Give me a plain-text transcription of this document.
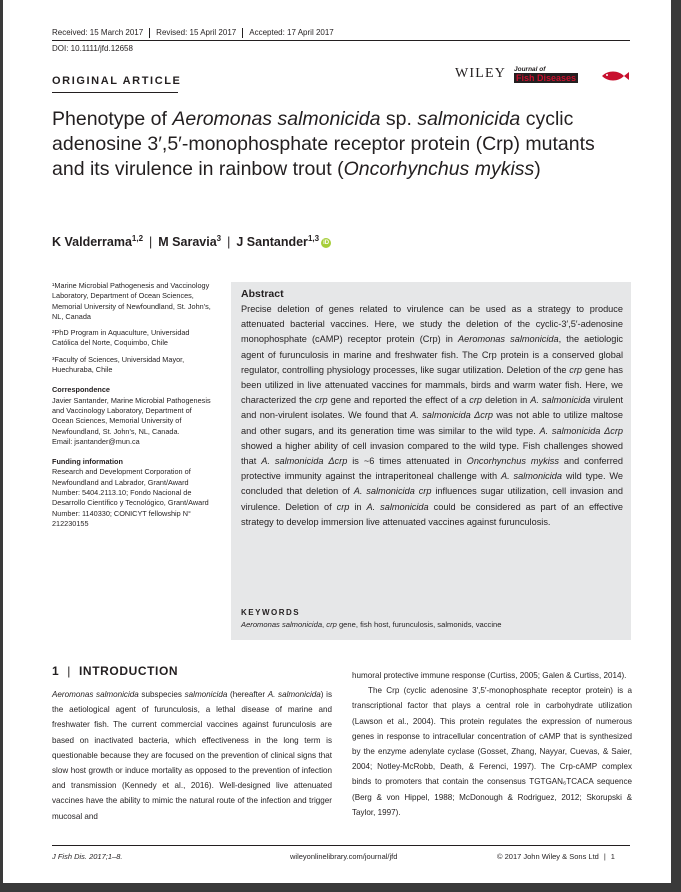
Received: 15 March 2017	Revised: 15 April 2017	Accepted: 17 April 2017
DOI: 10.1111/jfd.12658
ORIGINAL ARTICLE	WILEY Journal of
Fish Diseases
Phenotype of Aeromonas salmonicida sp. salmonicida cyclic adenosine 3′,5′-monophosphate receptor protein (Crp) mutants and its virulence in rainbow trout (Oncorhynchus mykiss)
K Valderrama$^{1,2}$ | M Saravia$^3$ | J Santander$^{1,3}$ iD

¹Marine Microbial Pathogenesis and Vaccinology Laboratory, Department of Ocean Sciences, Memorial University of Newfoundland, St. John's, NL, Canada

²PhD Program in Aquaculture, Universidad Católica del Norte, Coquimbo, Chile

³Faculty of Sciences, Universidad Mayor, Huechuraba, Chile

Correspondence

Javier Santander, Marine Microbial Pathogenesis and Vaccinology Laboratory, Department of Ocean Sciences, Memorial University of Newfoundland, St. John's, NL, Canada.

Email: jsantander@mun.ca

Funding information

Research and Development Corporation of Newfoundland and Labrador, Grant/Award Number: 5404.2113.10; Fondo Nacional de Desarrollo Científico y Tecnológico, Grant/Award Number: 1140330; CONICYT fellowship N° 212230155

Abstract

Precise deletion of genes related to virulence can be used as a strategy to produce attenuated bacterial vaccines. Here, we study the deletion of the cyclic-3′,5′-adenosine monophosphate (cAMP) receptor protein (Crp) in Aeromonas salmonicida, the aetiologic agent of furunculosis in marine and freshwater fish. The Crp protein is a conserved global regulator, controlling physiology processes, like sugar utilization. Deletion of the crp gene has been utilized in live attenuated vaccines for mammals, birds and warm water fish. Here, we characterized the crp gene and reported the effect of a crp deletion in A. salmonicida virulent and non-virulent isolates. We found that A. salmonicida Δcrp was not able to utilize maltose and other sugars, and its generation time was similar to the wild type. A. salmonicida Δcrp showed a higher ability of cell invasion compared to the wild type. Fish challenges showed that A. salmonicida Δcrp is ~6 times attenuated in Oncorhynchus mykiss and conferred protective immunity against the intraperitoneal challenge with A. salmonicida wild type. We concluded that deletion of A. salmonicida crp influences sugar utilization, cell invasion and virulence. Deletion of crp in A. salmonicida could be considered as part of an effective strategy to develop immersion live attenuated vaccines against furunculosis.

KEYWORDS
Aeromonas salmonicida, crp gene, fish host, furunculosis, salmonids, vaccine
1 | INTRODUCTION

Aeromonas salmonicida subspecies salmonicida (hereafter A. salmonicida) is the aetiological agent of furunculosis, a lethal disease of marine and freshwater fish. The current commercial vaccines against furunculosis are based on inactivated bacteria, which effectiveness in the long term is questionable because they are focused on the prevention of clinical signs that slow host growth or induce mortality as opposed to the prevention of infection and transmission (Kennedy et al., 2016). Well-designed live attenuated vaccines have the ability to mimic the natural route of the infection and trigger mucosal and

humoral protective immune response (Curtiss, 2005; Galen & Curtiss, 2014).
The Crp (cyclic adenosine 3′,5′-monophosphate receptor protein) is a transcriptional factor that plays a central role in carbohydrate utilization (Lawson et al., 2004). This protein regulates the expression of numerous genes in response to intracellular concentration of cAMP that is synthesized by the enzyme adenylate cyclase (Gosset, Zhang, Nayyar, Cuevas, & Saier, 2004; Notley-McRobb, Death, & Ferenci, 1997). The Crp-cAMP complex binds to promoters that contain the consensus TGTGAN₆TCACA sequence (Berg & von Hippel, 1988; McDonough & Rodriguez, 2012; Skorupski & Taylor, 1997).

J Fish Dis. 2017;1–8.	wileyonlinelibrary.com/journal/jfd	© 2017 John Wiley & Sons Ltd | 1
